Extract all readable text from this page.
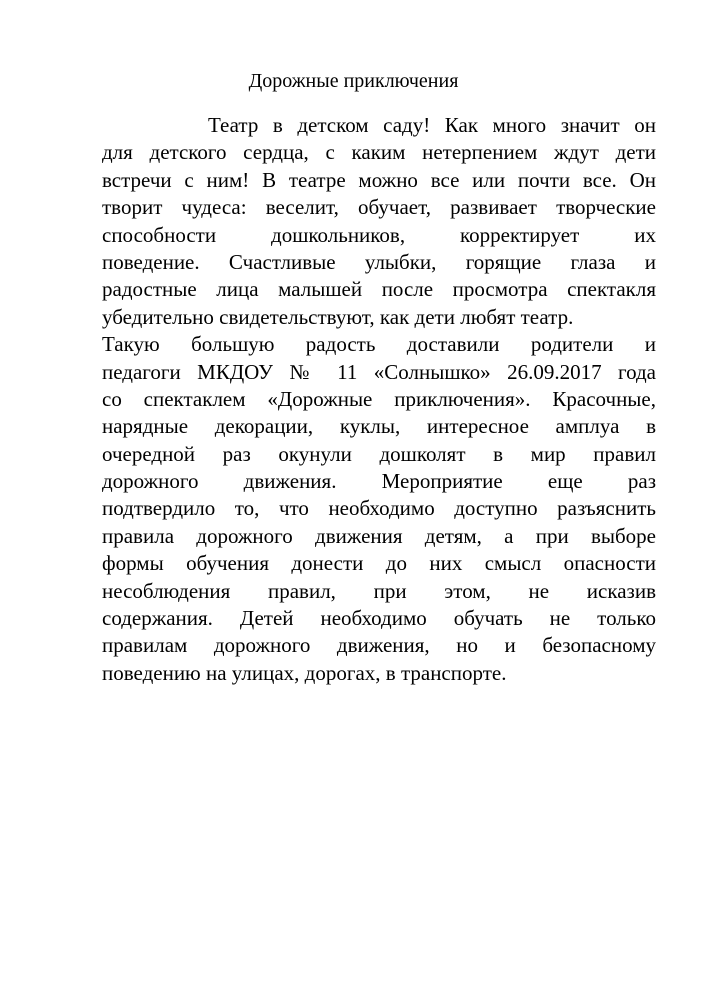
Дорожные приключения
Театр в детском саду! Как много значит он
для детского сердца, с каким нетерпением ждут дети
встречи с ним! В театре можно все или почти все. Он
творит чудеса: веселит, обучает, развивает творческие
способности дошкольников, корректирует их
поведение. Счастливые улыбки, горящие глаза и
радостные лица малышей после просмотра спектакля
убедительно свидетельствуют, как дети любят театр.
Такую большую радость доставили родители и
педагоги МКДОУ № 11 «Солнышко» 26.09.2017 года
со спектаклем «Дорожные приключения». Красочные,
нарядные декорации, куклы, интересное амплуа в
очередной раз окунули дошколят в мир правил
дорожного движения. Мероприятие еще раз
подтвердило то, что необходимо доступно разъяснить
правила дорожного движения детям, а при выборе
формы обучения донести до них смысл опасности
несоблюдения правил, при этом, не исказив
содержания. Детей необходимо обучать не только
правилам дорожного движения, но и безопасному
поведению на улицах, дорогах, в транспорте.
